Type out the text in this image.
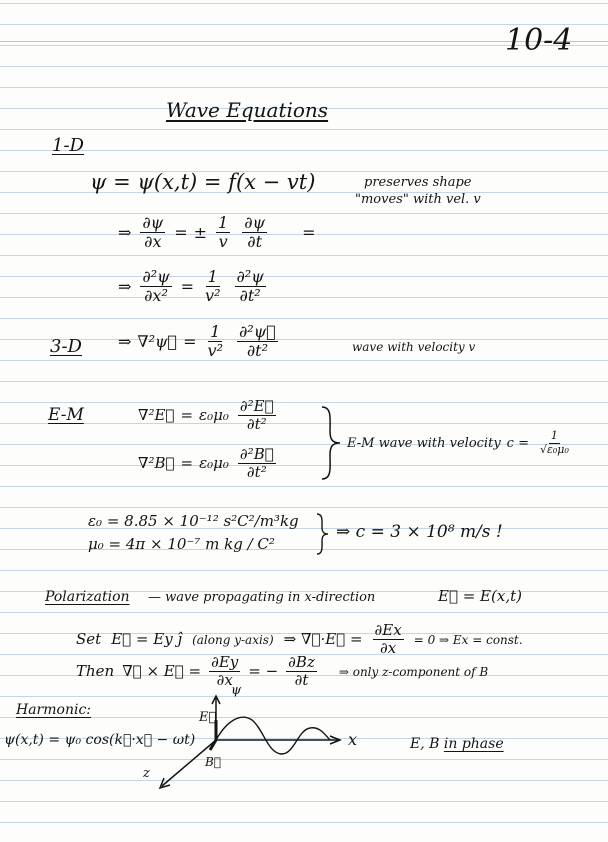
10-4
Wave Equations
1-D
ψ = ψ(x,t) = f(x − vt)	preserves shape
"moves" with vel. v
⇒ $\frac{\partial\psi}{\partial x}$ = ± $\frac{1}{v} \frac{\partial\psi}{\partial t}$ =
⇒ $\frac{\text{∂²ψ}}{\text{∂x²}} = \frac{1}{\text{v²}} \frac{\text{∂²ψ}}{\text{∂t²}}$
3-D ⇒ ∇²ψ⃗ = $\frac{1}{\text{v²}} \frac{\text{∂²ψ⃗}}{\text{∂t²}}$	wave with velocity v
E-M	∇²E⃗ = $\varepsilon_0\mu_0 \frac{\text{∂²E⃗}}{\text{∂t²}}$
∇²B⃗ = $\varepsilon_0\mu_0 \frac{\text{∂²B⃗}}{\text{∂t²}}$
E-M wave with velocity $c = \frac{1}{\text{√ε₀μ₀}}$
ε₀ = 8.85 × 10⁻¹² s²C²/m³kg
μ₀ = 4π × 10⁻⁷ m kg / C²
⇒ c = 3 × 10⁸ m/s !
Polarization — wave propagating in x-direction	E⃗ = E(x,t)
Set E⃗ = Ey ĵ (along y-axis) ⇒ ∇⃗·E⃗ = $\frac{\partial Ex}{\partial x} = 0$ ⇒ Ex = const.
Then ∇⃗ × E⃗ = $\frac{\partial Ey}{\partial x}$ = − $\frac{\partial Bz}{\partial t}$ ⇒ only z-component of B
Harmonic:
ψ(x,t) = ψ₀ cos(k⃗·x⃗ − ωt)
ψ
x
z
E⃗
B⃗
E, B in phase
